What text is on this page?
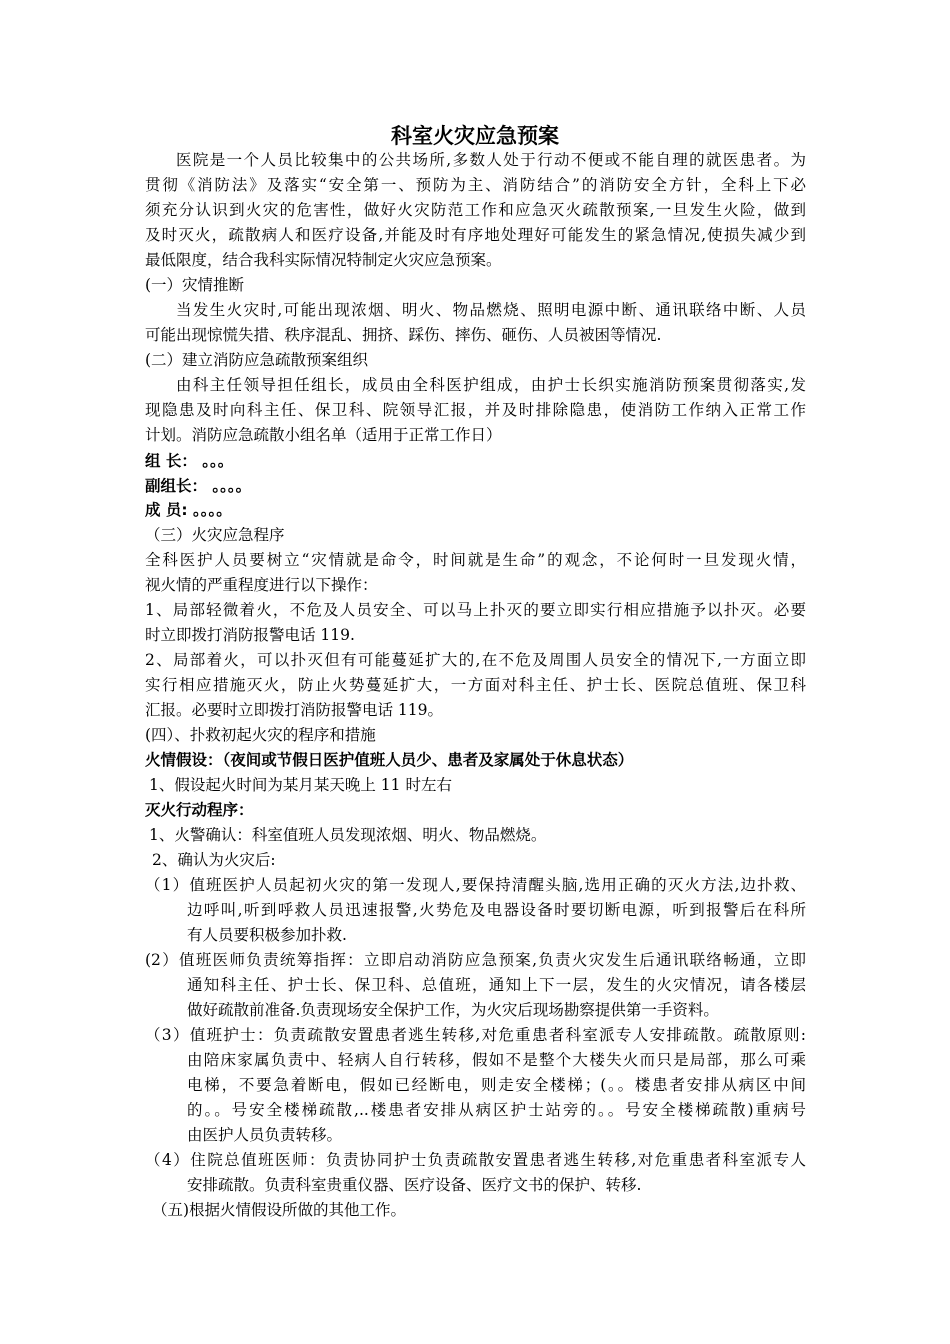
科室火灾应急预案
医院是一个人员比较集中的公共场所,多数人处于行动不便或不能自理的就医患者。为
贯彻《消防法》及落实“安全第一、预防为主、消防结合”的消防安全方针，全科上下必
须充分认识到火灾的危害性，做好火灾防范工作和应急灭火疏散预案,一旦发生火险，做到
及时灭火，疏散病人和医疗设备,并能及时有序地处理好可能发生的紧急情况,使损失减少到
最低限度，结合我科实际情况特制定火灾应急预案。
(一）灾情推断
当发生火灾时,可能出现浓烟、明火、物品燃烧、照明电源中断、通讯联络中断、人员
可能出现惊慌失措、秩序混乱、拥挤、踩伤、摔伤、砸伤、人员被困等情况.
(二）建立消防应急疏散预案组织
由科主任领导担任组长，成员由全科医护组成，由护士长织实施消防预案贯彻落实,发
现隐患及时向科主任、保卫科、院领导汇报，并及时排除隐患，使消防工作纳入正常工作
计划。消防应急疏散小组名单（适用于正常工作日）
组 长： 。。。
副组长： 。。。。
成 员: 。。。。
（三）火灾应急程序
全科医护人员要树立“灾情就是命令，时间就是生命”的观念，不论何时一旦发现火情，
视火情的严重程度进行以下操作：
1、局部轻微着火，不危及人员安全、可以马上扑灭的要立即实行相应措施予以扑灭。必要
时立即拨打消防报警电话 119.
2、局部着火，可以扑灭但有可能蔓延扩大的,在不危及周围人员安全的情况下,一方面立即
实行相应措施灭火，防止火势蔓延扩大，一方面对科主任、护士长、医院总值班、保卫科
汇报。必要时立即拨打消防报警电话 119。
(四）、扑救初起火灾的程序和措施
火情假设：（夜间或节假日医护值班人员少、患者及家属处于休息状态）
1、假设起火时间为某月某天晚上 11 时左右
灭火行动程序：
1、火警确认：科室值班人员发现浓烟、明火、物品燃烧。
2、确认为火灾后:
（1）值班医护人员起初火灾的第一发现人,要保持清醒头脑,选用正确的灭火方法,边扑救、
边呼叫,听到呼救人员迅速报警,火势危及电器设备时要切断电源，听到报警后在科所
有人员要积极参加扑救.
(2）值班医师负责统筹指挥：立即启动消防应急预案,负责火灾发生后通讯联络畅通，立即
通知科主任、护士长、保卫科、总值班，通知上下一层，发生的火灾情况，请各楼层
做好疏散前准备.负责现场安全保护工作，为火灾后现场勘察提供第一手资料。
（3）值班护士：负责疏散安置患者逃生转移,对危重患者科室派专人安排疏散。疏散原则:
由陪床家属负责中、轻病人自行转移，假如不是整个大楼失火而只是局部，那么可乘
电梯，不要急着断电，假如已经断电，则走安全楼梯；(。。楼患者安排从病区中间
的。。号安全楼梯疏散,..楼患者安排从病区护士站旁的。。号安全楼梯疏散)重病号
由医护人员负责转移。
（4）住院总值班医师：负责协同护士负责疏散安置患者逃生转移,对危重患者科室派专人
安排疏散。负责科室贵重仪器、医疗设备、医疗文书的保护、转移.
（五)根据火情假设所做的其他工作。
